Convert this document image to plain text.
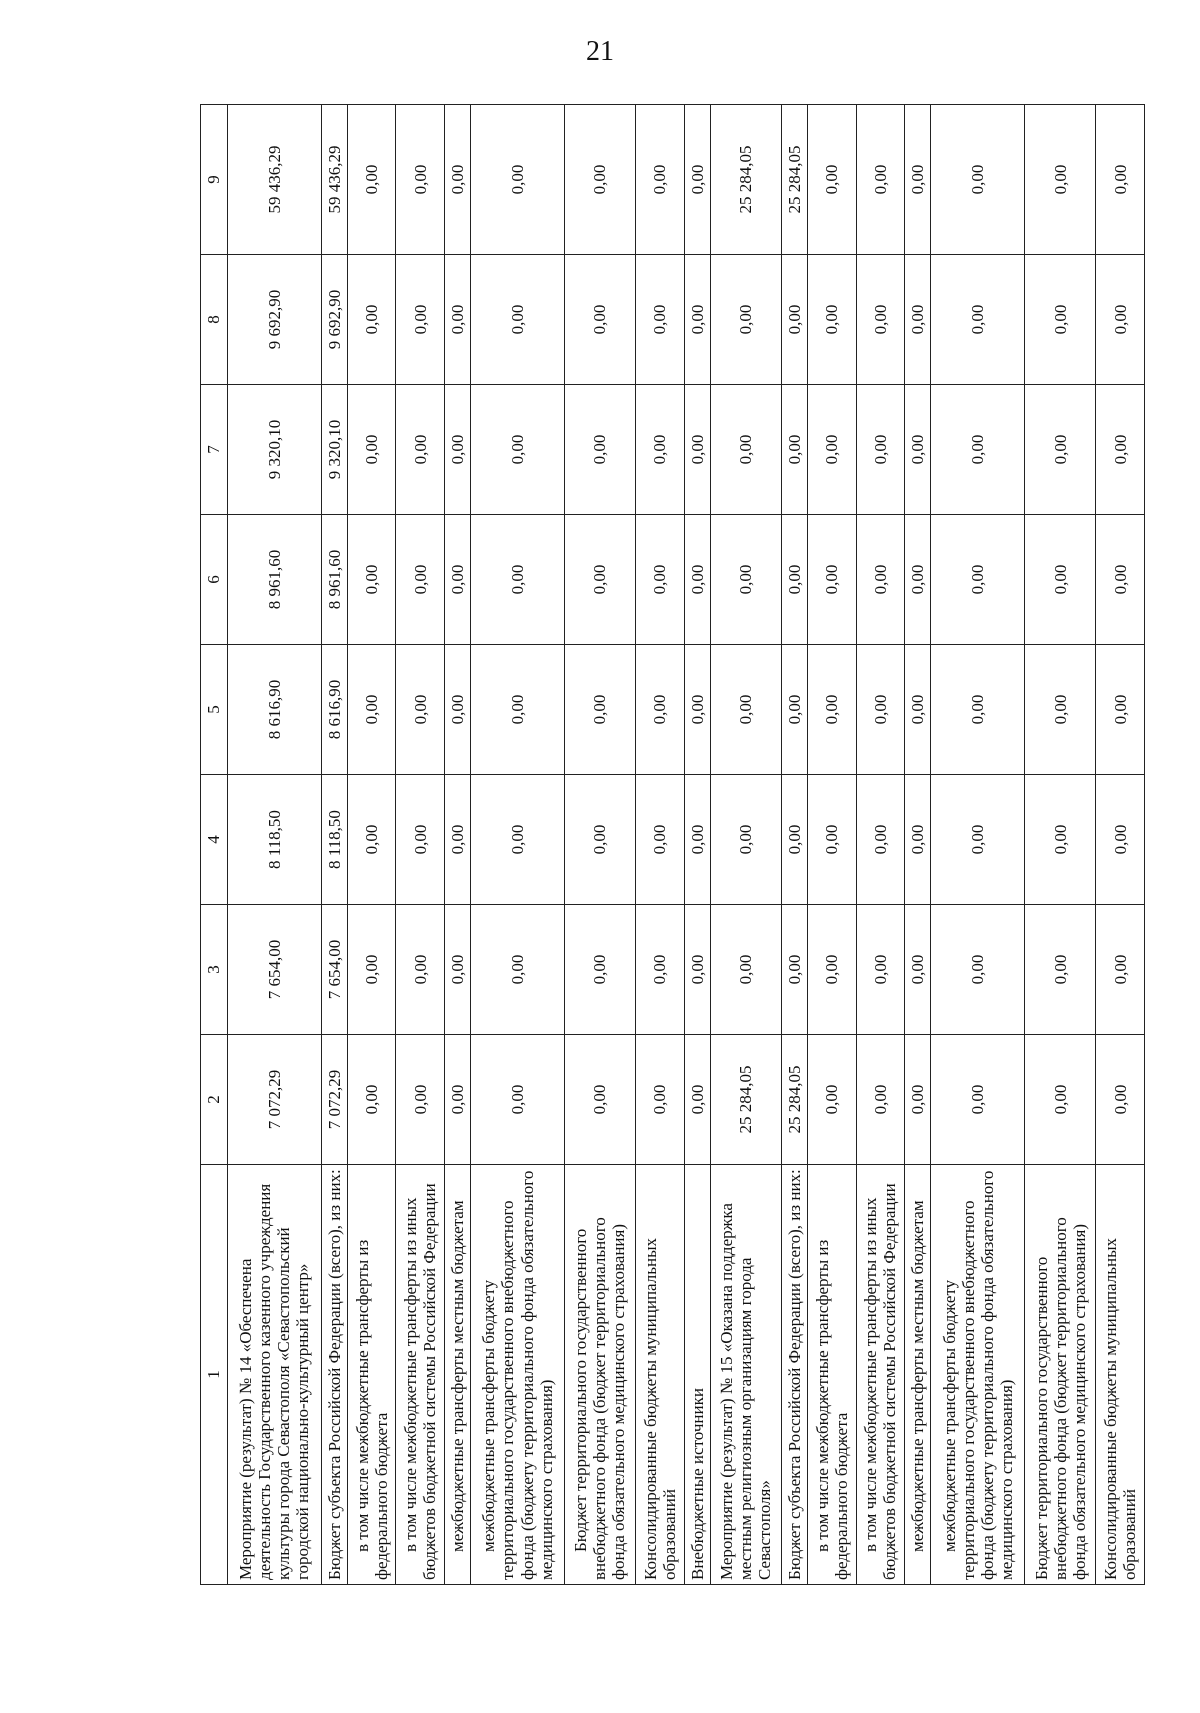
21
1	2	3	4	5	6	7	8	9
Мероприятие (результат) № 14 «Обеспечена деятельность Государственного казенного учреждения культуры города Севастополя «Севастопольский городской национально-культурный центр»	7 072,29	7 654,00	8 118,50	8 616,90	8 961,60	9 320,10	9 692,90	59 436,29
Бюджет субъекта Российской Федерации (всего), из них:	7 072,29	7 654,00	8 118,50	8 616,90	8 961,60	9 320,10	9 692,90	59 436,29
в том числе межбюджетные трансферты из федерального бюджета	0,00	0,00	0,00	0,00	0,00	0,00	0,00	0,00
в том числе межбюджетные трансферты из иных бюджетов бюджетной системы Российской Федерации	0,00	0,00	0,00	0,00	0,00	0,00	0,00	0,00
межбюджетные трансферты местным бюджетам	0,00	0,00	0,00	0,00	0,00	0,00	0,00	0,00
межбюджетные трансферты бюджету территориального государственного внебюджетного фонда (бюджету территориального фонда обязательного медицинского страхования)	0,00	0,00	0,00	0,00	0,00	0,00	0,00	0,00
Бюджет территориального государственного внебюджетного фонда (бюджет территориального фонда обязательного медицинского страхования)	0,00	0,00	0,00	0,00	0,00	0,00	0,00	0,00
Консолидированные бюджеты муниципальных образований	0,00	0,00	0,00	0,00	0,00	0,00	0,00	0,00
Внебюджетные источники	0,00	0,00	0,00	0,00	0,00	0,00	0,00	0,00
Мероприятие (результат) № 15 «Оказана поддержка местным религиозным организациям города Севастополя»	25 284,05	0,00	0,00	0,00	0,00	0,00	0,00	25 284,05
Бюджет субъекта Российской Федерации (всего), из них:	25 284,05	0,00	0,00	0,00	0,00	0,00	0,00	25 284,05
в том числе межбюджетные трансферты из федерального бюджета	0,00	0,00	0,00	0,00	0,00	0,00	0,00	0,00
в том числе межбюджетные трансферты из иных бюджетов бюджетной системы Российской Федерации	0,00	0,00	0,00	0,00	0,00	0,00	0,00	0,00
межбюджетные трансферты местным бюджетам	0,00	0,00	0,00	0,00	0,00	0,00	0,00	0,00
межбюджетные трансферты бюджету территориального государственного внебюджетного фонда (бюджету территориального фонда обязательного медицинского страхования)	0,00	0,00	0,00	0,00	0,00	0,00	0,00	0,00
Бюджет территориального государственного внебюджетного фонда (бюджет территориального фонда обязательного медицинского страхования)	0,00	0,00	0,00	0,00	0,00	0,00	0,00	0,00
Консолидированные бюджеты муниципальных образований	0,00	0,00	0,00	0,00	0,00	0,00	0,00	0,00
